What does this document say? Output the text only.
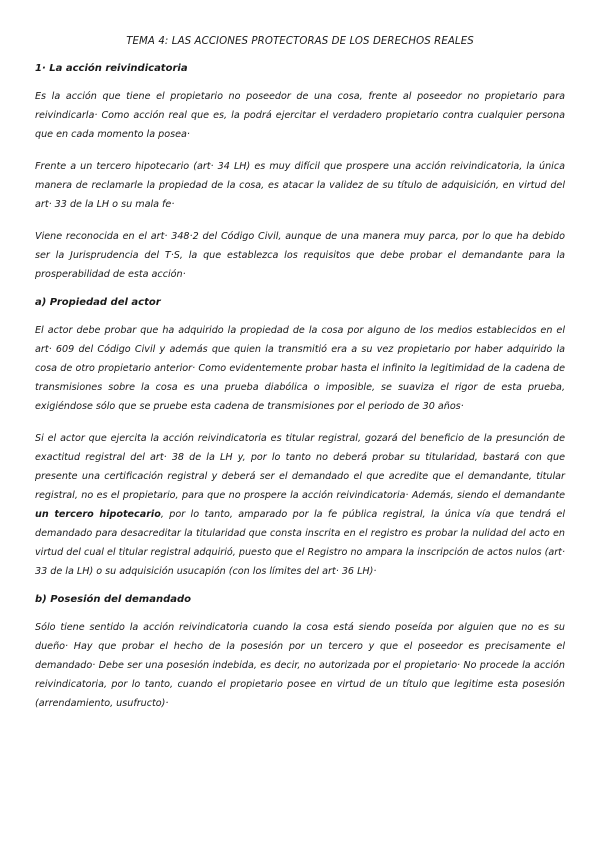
TEMA 4: LAS ACCIONES PROTECTORAS DE LOS DERECHOS REALES
1· La acción reivindicatoria

Es la acción que tiene el propietario no poseedor de una cosa, frente al poseedor no propietario para reivindicarla· Como acción real que es, la podrá ejercitar el verdadero propietario contra cualquier persona que en cada momento la posea·

Frente a un tercero hipotecario (art· 34 LH) es muy difícil que prospere una acción reivindicatoria, la única manera de reclamarle la propiedad de la cosa, es atacar la validez de su título de adquisición, en virtud del art· 33 de la LH o su mala fe·

Viene reconocida en el art· 348·2 del Código Civil, aunque de una manera muy parca, por lo que ha debido ser la Jurisprudencia del T·S, la que establezca los requisitos que debe probar el demandante para la prosperabilidad de esta acción·

a) Propiedad del actor

El actor debe probar que ha adquirido la propiedad de la cosa por alguno de los medios establecidos en el art· 609 del Código Civil y además que quien la transmitió era a su vez propietario por haber adquirido la cosa de otro propietario anterior· Como evidentemente probar hasta el infinito la legitimidad de la cadena de transmisiones sobre la cosa es una prueba diabólica o imposible, se suaviza el rigor de esta prueba, exigiéndose sólo que se pruebe esta cadena de transmisiones por el periodo de 30 años·

Si el actor que ejercita la acción reivindicatoria es titular registral, gozará del beneficio de la presunción de exactitud registral del art· 38 de la LH y, por lo tanto no deberá probar su titularidad, bastará con que presente una certificación registral y deberá ser el demandado el que acredite que el demandante, titular registral, no es el propietario, para que no prospere la acción reivindicatoria· Además, siendo el demandante un tercero hipotecario, por lo tanto, amparado por la fe pública registral, la única vía que tendrá el demandado para desacreditar la titularidad que consta inscrita en el registro es probar la nulidad del acto en virtud del cual el titular registral adquirió, puesto que el Registro no ampara la inscripción de actos nulos (art· 33 de la LH) o su adquisición usucapión (con los límites del art· 36 LH)·

b) Posesión del demandado

Sólo tiene sentido la acción reivindicatoria cuando la cosa está siendo poseída por alguien que no es su dueño· Hay que probar el hecho de la posesión por un tercero y que el poseedor es precisamente el demandado· Debe ser una posesión indebida, es decir, no autorizada por el propietario· No procede la acción reivindicatoria, por lo tanto, cuando el propietario posee en virtud de un título que legitime esta posesión (arrendamiento, usufructo)·
